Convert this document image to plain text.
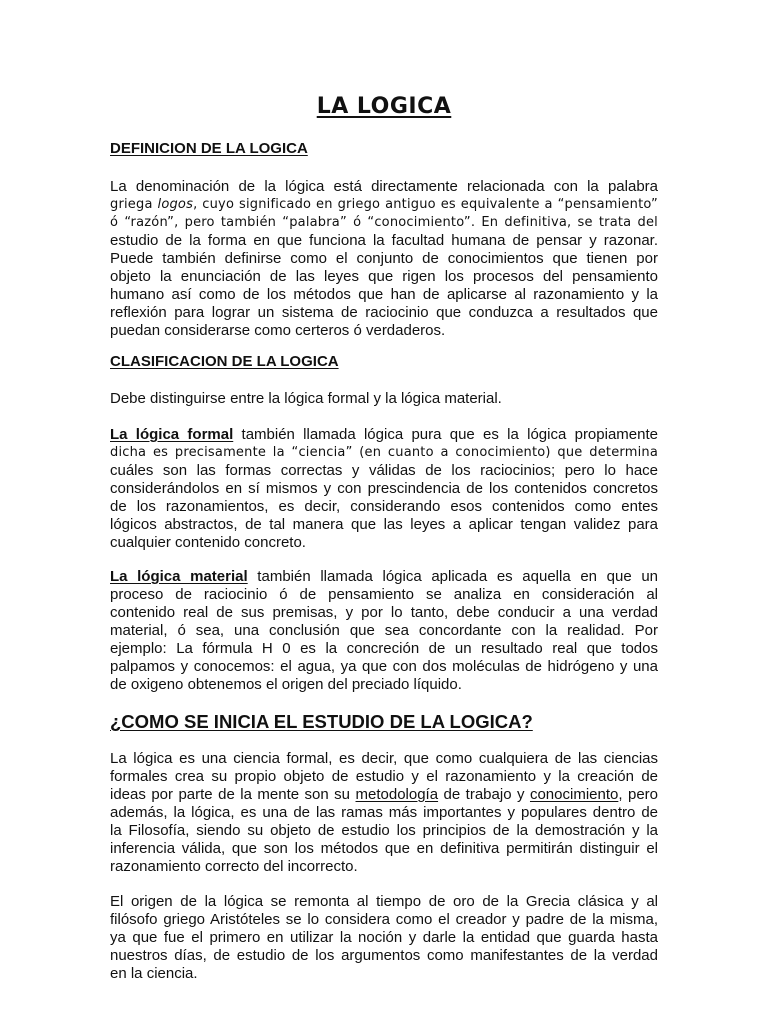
LA LOGICA
DEFINICION DE LA LOGICA
La denominación de la lógica está directamente relacionada con la palabra
griega logos, cuyo significado en griego antiguo es equivalente a “pensamiento”
ó “razón”, pero también “palabra” ó “conocimiento”. En definitiva, se trata del
estudio de la forma en que funciona la facultad humana de pensar y razonar.
Puede también definirse como el conjunto de conocimientos que tienen por
objeto la enunciación de las leyes que rigen los procesos del pensamiento
humano así como de los métodos que han de aplicarse al razonamiento y la
reflexión para lograr un sistema de raciocinio que conduzca a resultados que
puedan considerarse como certeros ó verdaderos.
CLASIFICACION DE LA LOGICA
Debe distinguirse entre la lógica formal y la lógica material.
La lógica formal también llamada lógica pura que es la lógica propiamente
dicha es precisamente la “ciencia” (en cuanto a conocimiento) que determina
cuáles son las formas correctas y válidas de los raciocinios; pero lo hace
considerándolos en sí mismos y con prescindencia de los contenidos concretos
de los razonamientos, es decir, considerando esos contenidos como entes
lógicos abstractos, de tal manera que las leyes a aplicar tengan validez para
cualquier contenido concreto.
La lógica material también llamada lógica aplicada es aquella en que un
proceso de raciocinio ó de pensamiento se analiza en consideración al
contenido real de sus premisas, y por lo tanto, debe conducir a una verdad
material, ó sea, una conclusión que sea concordante con la realidad. Por
ejemplo: La fórmula H 0 es la concreción de un resultado real que todos
palpamos y conocemos: el agua, ya que con dos moléculas de hidrógeno y una
de oxigeno obtenemos el origen del preciado líquido.
¿COMO SE INICIA EL ESTUDIO DE LA LOGICA?
La lógica es una ciencia formal, es decir, que como cualquiera de las ciencias
formales crea su propio objeto de estudio y el razonamiento y la creación de
ideas por parte de la mente son su metodología de trabajo y conocimiento, pero
además, la lógica, es una de las ramas más importantes y populares dentro de
la Filosofía, siendo su objeto de estudio los principios de la demostración y la
inferencia válida, que son los métodos que en definitiva permitirán distinguir el
razonamiento correcto del incorrecto.
El origen de la lógica se remonta al tiempo de oro de la Grecia clásica y al
filósofo griego Aristóteles se lo considera como el creador y padre de la misma,
ya que fue el primero en utilizar la noción y darle la entidad que guarda hasta
nuestros días, de estudio de los argumentos como manifestantes de la verdad
en la ciencia.
